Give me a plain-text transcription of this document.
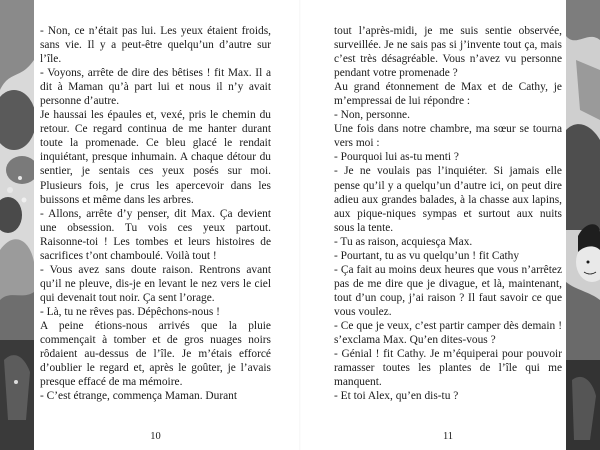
- Non, ce n’était pas lui. Les yeux étaient froids, sans vie. Il y a peut-être quelqu’un d’autre sur l’île.

- Voyons, arrête de dire des bêtises ! fit Max. Il a dit à Maman qu’à part lui et nous il n’y avait personne d’autre.

Je haussai les épaules et, vexé, pris le chemin du retour. Ce regard continua de me hanter durant toute la promenade. Ce bleu glacé le rendait inquiétant, presque inhumain. A chaque détour du sentier, je sentais ces yeux posés sur moi. Plusieurs fois, je crus les apercevoir dans les buissons et même dans les arbres.

- Allons, arrête d’y penser, dit Max. Ça devient une obsession. Tu vois ces yeux partout. Raisonne-toi ! Les tombes et leurs histoires de sacrifices t’ont chamboulé. Voilà tout !

- Vous avez sans doute raison. Rentrons avant qu’il ne pleuve, dis-je en levant le nez vers le ciel qui devenait tout noir. Ça sent l’orage.

- Là, tu ne rêves pas. Dépêchons-nous !

A peine étions-nous arrivés que la pluie commençait à tomber et de gros nuages noirs rôdaient au-dessus de l’île. Je m’étais efforcé d’oublier le regard et, après le goûter, je l’avais presque effacé de ma mémoire.

- C’est étrange, commença Maman. Durant

10

tout l’après-midi, je me suis sentie observée, surveillée. Je ne sais pas si j’invente tout ça, mais c’est très désagréable. Vous n’avez vu personne pendant votre promenade ?

Au grand étonnement de Max et de Cathy, je m’empressai de lui répondre :

- Non, personne.

Une fois dans notre chambre, ma sœur se tourna vers moi :

- Pourquoi lui as-tu menti ?

- Je ne voulais pas l’inquiéter. Si jamais elle pense qu’il y a quelqu’un d’autre ici, on peut dire adieu aux grandes balades, à la chasse aux lapins, aux pique-niques sympas et surtout aux nuits sous la tente.

- Tu as raison, acquiesça Max.

- Pourtant, tu as vu quelqu’un ! fit Cathy

- Ça fait au moins deux heures que vous n’arrêtez pas de me dire que je divague, et là, maintenant, tout d’un coup, j’ai raison ? Il faut savoir ce que vous voulez.

- Ce que je veux, c’est partir camper dès demain ! s’exclama Max. Qu’en dites-vous ?

- Génial ! fit Cathy. Je m’équiperai pour pouvoir ramasser toutes les plantes de l’île qui me manquent.

- Et toi Alex, qu’en dis-tu ?

11
